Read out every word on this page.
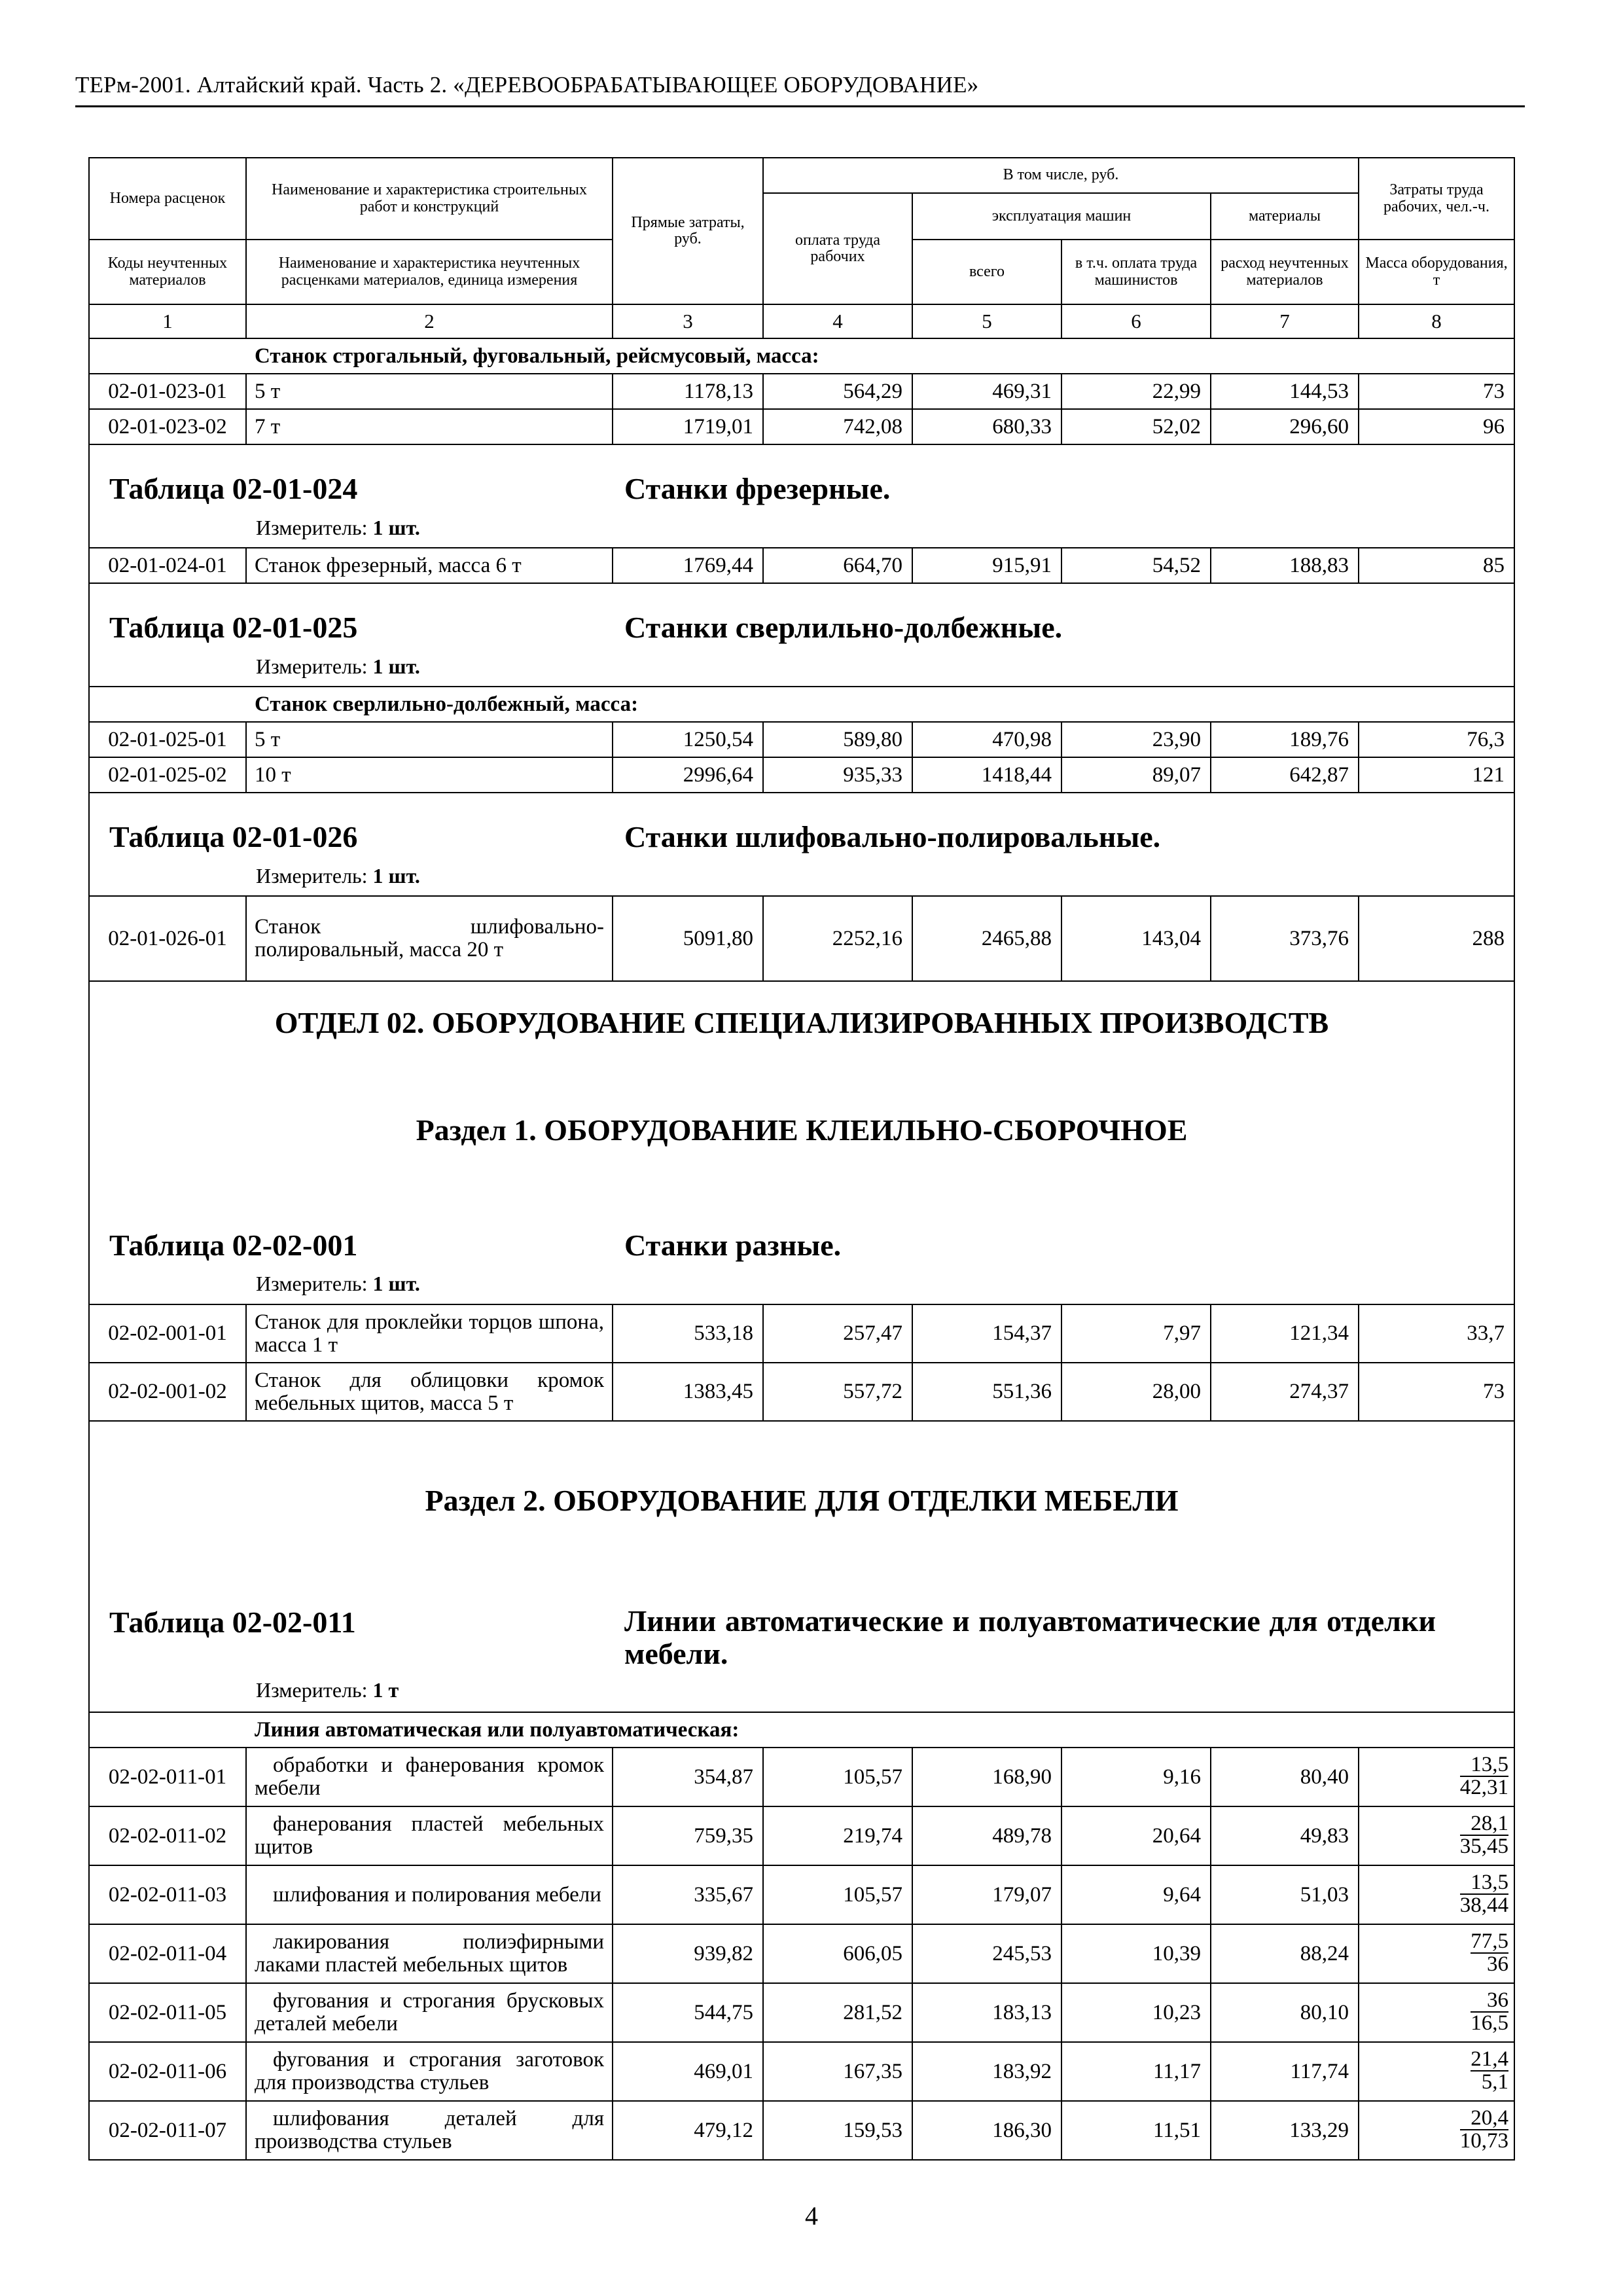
ТЕРм-2001. Алтайский край. Часть 2. «ДЕРЕВООБРАБАТЫВАЮЩЕЕ ОБОРУДОВАНИЕ»
Номера расценок	Наименование и характеристика строительных работ и конструкций	Прямые затраты, руб.	В том числе, руб.				Затраты труда рабочих, чел.-ч.
			оплата труда рабочих	эксплуатация машин		материалы	
Коды неучтенных материалов	Наименование и характеристика неучтенных расценками материалов, единица измерения			всего	в т.ч. оплата труда машинистов	расход неучтенных материалов	Масса оборудования, т
1	2	3	4	5	6	7	8
	Станок строгальный, фуговальный, рейсмусовый, масса:						
02-01-023-01	5 т	1178,13	564,29	469,31	22,99	144,53	73
02-01-023-02	7 т	1719,01	742,08	680,33	52,02	296,60	96

Таблица 02-01-024 Станки фрезерные.
Измеритель: 1 шт.							

02-01-024-01	Станок фрезерный, масса 6 т	1769,44	664,70	915,91	54,52	188,83	85

Таблица 02-01-025 Станки сверлильно-долбежные.
Измеритель: 1 шт.							

	Станок сверлильно-долбежный, масса:						
02-01-025-01	5 т	1250,54	589,80	470,98	23,90	189,76	76,3
02-01-025-02	10 т	2996,64	935,33	1418,44	89,07	642,87	121

Таблица 02-01-026 Станки шлифовально-полировальные.
Измеритель: 1 шт.							

02-01-026-01	Станок шлифовально-полировальный, масса 20 т	5091,80	2252,16	2465,88	143,04	373,76	288

ОТДЕЛ 02. ОБОРУДОВАНИЕ СПЕЦИАЛИЗИРОВАННЫХ ПРОИЗВОДСТВ
Раздел 1. ОБОРУДОВАНИЕ КЛЕИЛЬНО-СБОРОЧНОЕ
Таблица 02-02-001 Станки разные.
Измеритель: 1 шт.							

02-02-001-01	Станок для проклейки торцов шпона, масса 1 т	533,18	257,47	154,37	7,97	121,34	33,7
02-02-001-02	Станок для облицовки кромок мебельных щитов, масса 5 т	1383,45	557,72	551,36	28,00	274,37	73

Раздел 2. ОБОРУДОВАНИЕ ДЛЯ ОТДЕЛКИ МЕБЕЛИ
Таблица 02-02-011 Линии автоматические и полуавтоматические для отделки мебели.
Измеритель: 1 т							

	Линия автоматическая или полуавтоматическая:						
02-02-011-01	обработки и фанерования кромок мебели	354,87	105,57	168,90	9,16	80,40	$\frac{13,5}{42,31}$

02-02-011-02	фанерования пластей мебельных щитов	759,35	219,74	489,78	20,64	49,83	$\frac{28,1}{35,45}$

02-02-011-03	шлифования и полирования мебели	335,67	105,57	179,07	9,64	51,03	$\frac{13,5}{38,44}$

02-02-011-04	лакирования полиэфирными лаками пластей мебельных щитов	939,82	606,05	245,53	10,39	88,24	$\frac{77,5}{36}$

02-02-011-05	фугования и строгания брусковых деталей мебели	544,75	281,52	183,13	10,23	80,10	$\frac{36}{16,5}$

02-02-011-06	фугования и строгания заготовок для производства стульев	469,01	167,35	183,92	11,17	117,74	$\frac{21,4}{5,1}$

02-02-011-07	шлифования деталей для производства стульев	479,12	159,53	186,30	11,51	133,29	$\frac{20,4}{10,73}$
4
